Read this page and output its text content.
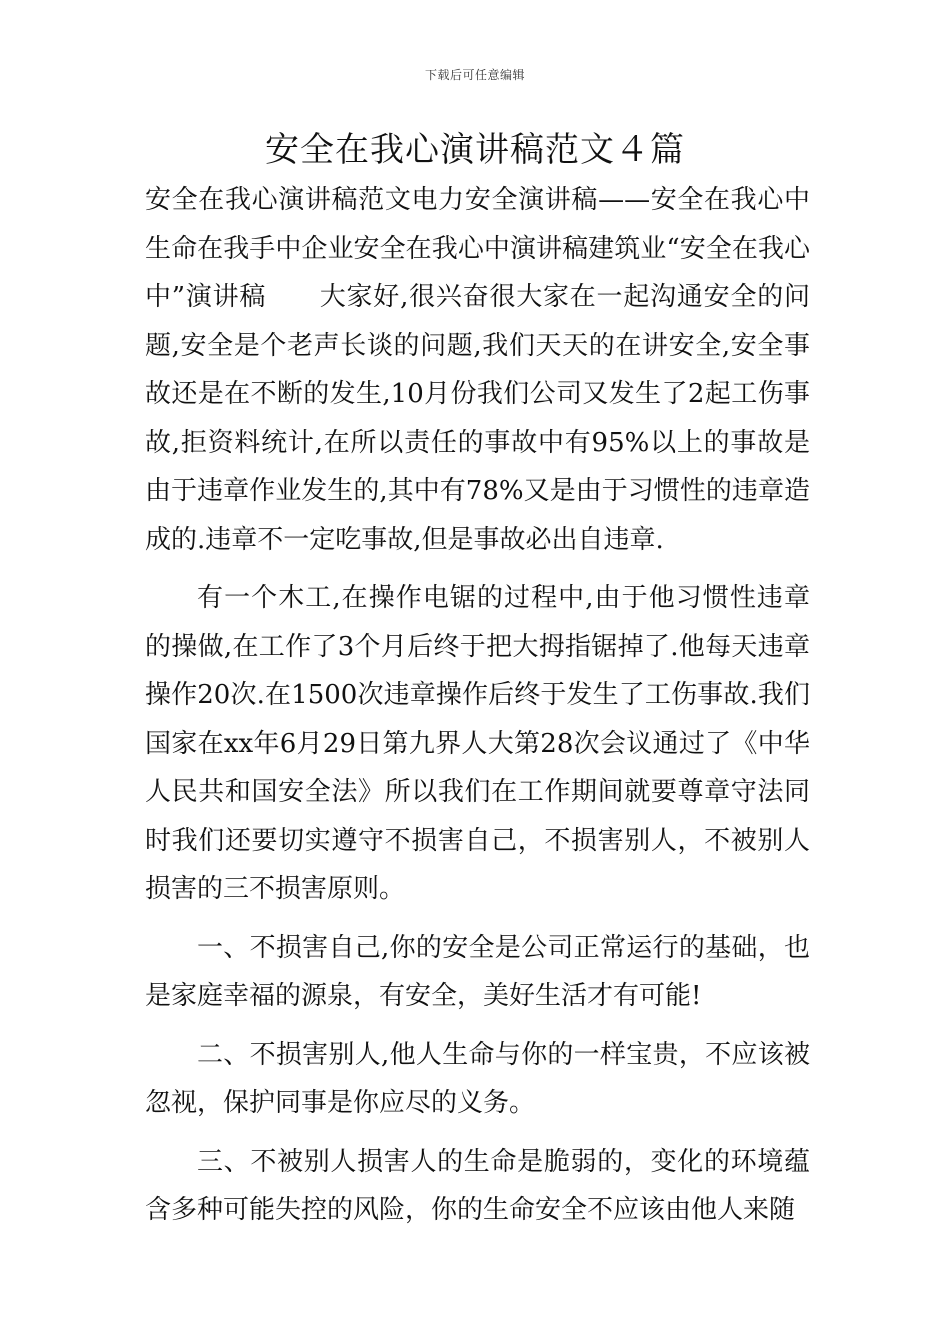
下载后可任意编辑
安全在我心演讲稿范文４篇

安全在我心演讲稿范文电力安全演讲稿——安全在我心中生命在我手中企业安全在我心中演讲稿建筑业“安全在我心中”演讲稿　　大家好,很兴奋很大家在一起沟通安全的问题,安全是个老声长谈的问题,我们天天的在讲安全,安全事故还是在不断的发生,10月份我们公司又发生了2起工伤事故,拒资料统计,在所以责任的事故中有95%以上的事故是由于违章作业发生的,其中有78%又是由于习惯性的违章造成的.违章不一定吃事故,但是事故必出自违章.

有一个木工,在操作电锯的过程中,由于他习惯性违章的操做,在工作了3个月后终于把大拇指锯掉了.他每天违章操作20次.在1500次违章操作后终于发生了工伤事故.我们国家在xx年6月29日第九界人大第28次会议通过了《中华人民共和国安全法》所以我们在工作期间就要尊章守法同时我们还要切实遵守不损害自己，不损害别人，不被别人损害的三不损害原则。

一、不损害自己,你的安全是公司正常运行的基础，也是家庭幸福的源泉，有安全，美好生活才有可能!

二、不损害别人,他人生命与你的一样宝贵，不应该被忽视，保护同事是你应尽的义务。

三、不被别人损害人的生命是脆弱的，变化的环境蕴含多种可能失控的风险，你的生命安全不应该由他人来随
